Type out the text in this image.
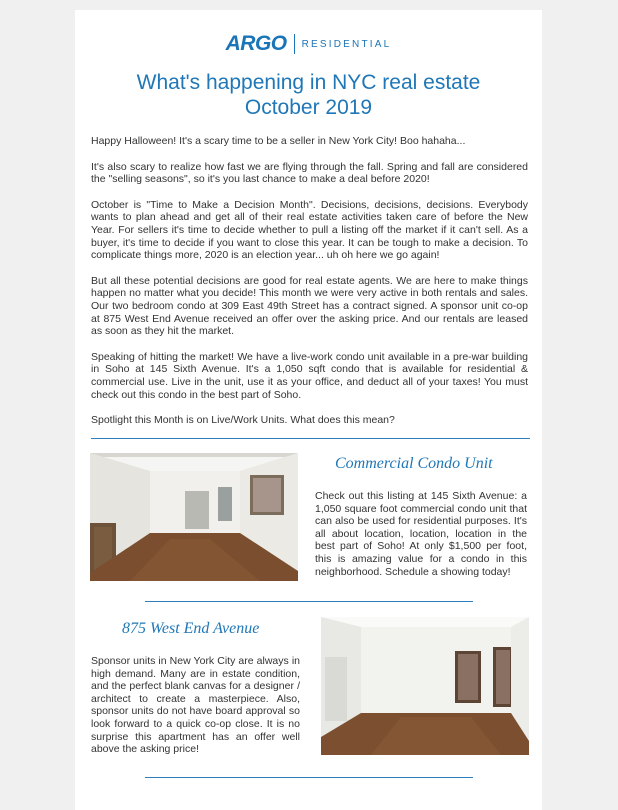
ARGO RESIDENTIAL
What's happening in NYC real estate
October 2019

Happy Halloween! It's a scary time to be a seller in New York City! Boo hahaha...

It's also scary to realize how fast we are flying through the fall. Spring and fall are considered the "selling seasons", so it's you last chance to make a deal before 2020!

October is "Time to Make a Decision Month". Decisions, decisions, decisions. Everybody wants to plan ahead and get all of their real estate activities taken care of before the New Year. For sellers it's time to decide whether to pull a listing off the market if it can't sell. As a buyer, it's time to decide if you want to close this year. It can be tough to make a decision. To complicate things more, 2020 is an election year... uh oh here we go again!

But all these potential decisions are good for real estate agents. We are here to make things happen no matter what you decide! This month we were very active in both rentals and sales. Our two bedroom condo at 309 East 49th Street has a contract signed. A sponsor unit co-op at 875 West End Avenue received an offer over the asking price. And our rentals are leased as soon as they hit the market.

Speaking of hitting the market! We have a live-work condo unit available in a pre-war building in Soho at 145 Sixth Avenue. It's a 1,050 sqft condo that is available for residential & commercial use. Live in the unit, use it as your office, and deduct all of your taxes! You must check out this condo in the best part of Soho.

Spotlight this Month is on Live/Work Units. What does this mean?

Commercial Condo Unit
Check out this listing at 145 Sixth Avenue: a 1,050 square foot commercial condo unit that can also be used for residential purposes. It's all about location, location, location in the best part of Soho! At only $1,500 per foot, this is amazing value for a condo in this neighborhood. Schedule a showing today!
875 West End Avenue
Sponsor units in New York City are always in high demand. Many are in estate condition, and the perfect blank canvas for a designer / architect to create a masterpiece. Also, sponsor units do not have board approval so look forward to a quick co-op close. It is no surprise this apartment has an offer well above the asking price!
